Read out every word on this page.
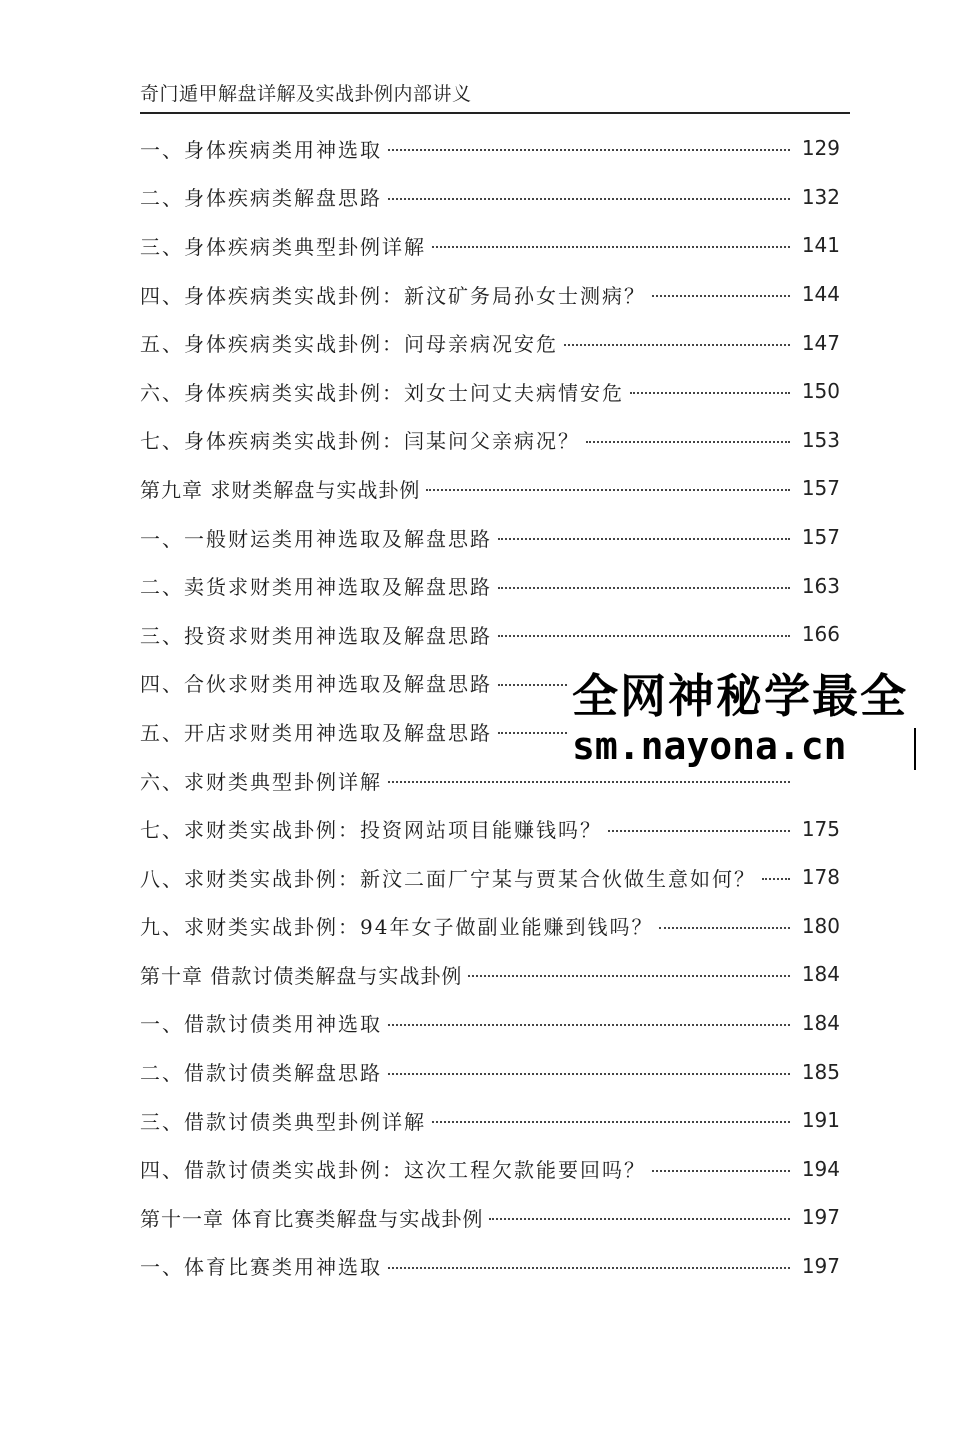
奇门遁甲解盘详解及实战卦例内部讲义
一、身体疾病类用神选取	129
二、身体疾病类解盘思路	132
三、身体疾病类典型卦例详解	141
四、身体疾病类实战卦例：新汶矿务局孙女士测病？	144
五、身体疾病类实战卦例：问母亲病况安危	147
六、身体疾病类实战卦例：刘女士问丈夫病情安危	150
七、身体疾病类实战卦例：闫某问父亲病况？	153
第九章 求财类解盘与实战卦例	157
一、一般财运类用神选取及解盘思路	157
二、卖货求财类用神选取及解盘思路	163
三、投资求财类用神选取及解盘思路	166
四、合伙求财类用神选取及解盘思路
五、开店求财类用神选取及解盘思路
六、求财类典型卦例详解
七、求财类实战卦例：投资网站项目能赚钱吗？	175
八、求财类实战卦例：新汶二面厂宁某与贾某合伙做生意如何？ 178
九、求财类实战卦例：94年女子做副业能赚到钱吗？	180
第十章 借款讨债类解盘与实战卦例	184
一、借款讨债类用神选取	184
二、借款讨债类解盘思路	185
三、借款讨债类典型卦例详解	191
四、借款讨债类实战卦例：这次工程欠款能要回吗？	194
第十一章 体育比赛类解盘与实战卦例	197
一、体育比赛类用神选取	197
全网神秘学最全
sm.nayona.cn
